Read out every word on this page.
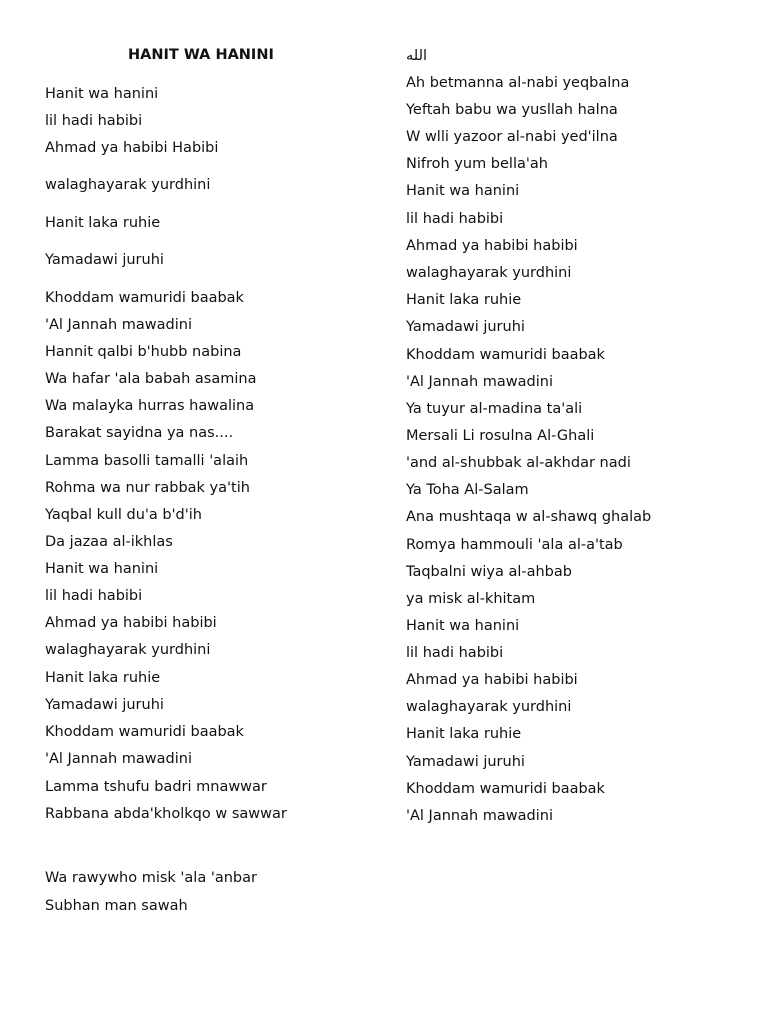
HANIT WA HANINI
Hanit wa hanini
lil hadi habibi
Ahmad ya habibi Habibi
walaghayarak yurdhini
Hanit laka ruhie
Yamadawi juruhi
Khoddam wamuridi baabak
'Al Jannah mawadini
Hannit qalbi b'hubb nabina
Wa hafar 'ala babah asamina
Wa malayka hurras hawalina
Barakat sayidna ya nas....
Lamma basolli tamalli 'alaih
Rohma wa nur rabbak ya'tih
Yaqbal kull du'a b'd'ih
Da jazaa al-ikhlas
Hanit wa hanini
lil hadi habibi
Ahmad ya habibi habibi
walaghayarak yurdhini
Hanit laka ruhie
Yamadawi juruhi
Khoddam wamuridi baabak
'Al Jannah mawadini
Lamma tshufu badri mnawwar
Rabbana abda'kholkqo w sawwar
Wa rawywho misk 'ala 'anbar
Subhan man sawah
الله
Ah betmanna al-nabi yeqbalna
Yeftah babu wa yusllah halna
W wlli yazoor al-nabi yed'ilna
Nifroh yum bella'ah
Hanit wa hanini
lil hadi habibi
Ahmad ya habibi habibi
walaghayarak yurdhini
Hanit laka ruhie
Yamadawi juruhi
Khoddam wamuridi baabak
'Al Jannah mawadini
Ya tuyur al-madina ta'ali
Mersali Li rosulna Al-Ghali
'and al-shubbak al-akhdar nadi
Ya Toha Al-Salam
Ana mushtaqa w al-shawq ghalab
Romya hammouli 'ala al-a'tab
Taqbalni wiya al-ahbab
ya misk al-khitam
Hanit wa hanini
lil hadi habibi
Ahmad ya habibi habibi
walaghayarak yurdhini
Hanit laka ruhie
Yamadawi juruhi
Khoddam wamuridi baabak
'Al Jannah mawadini
